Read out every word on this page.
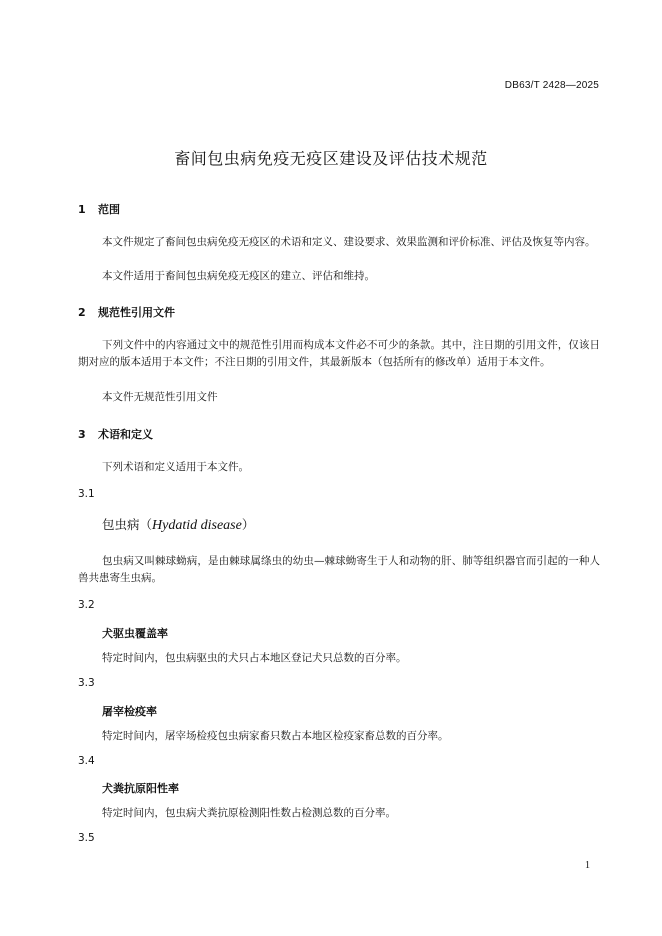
DB63/T 2428—2025
畜间包虫病免疫无疫区建设及评估技术规范
1 范围
本文件规定了畜间包虫病免疫无疫区的术语和定义、建设要求、效果监测和评价标准、评估及恢复等内容。
本文件适用于畜间包虫病免疫无疫区的建立、评估和维持。
2 规范性引用文件
下列文件中的内容通过文中的规范性引用而构成本文件必不可少的条款。其中，注日期的引用文件，仅该日期对应的版本适用于本文件；不注日期的引用文件，其最新版本（包括所有的修改单）适用于本文件。
本文件无规范性引用文件
3 术语和定义
下列术语和定义适用于本文件。
3.1
包虫病（Hydatid disease）
包虫病又叫棘球蚴病，是由棘球属绦虫的幼虫—棘球蚴寄生于人和动物的肝、肺等组织器官而引起的一种人兽共患寄生虫病。
3.2
犬驱虫覆盖率
特定时间内，包虫病驱虫的犬只占本地区登记犬只总数的百分率。
3.3
屠宰检疫率
特定时间内，屠宰场检疫包虫病家畜只数占本地区检疫家畜总数的百分率。
3.4
犬粪抗原阳性率
特定时间内，包虫病犬粪抗原检测阳性数占检测总数的百分率。
3.5
1
